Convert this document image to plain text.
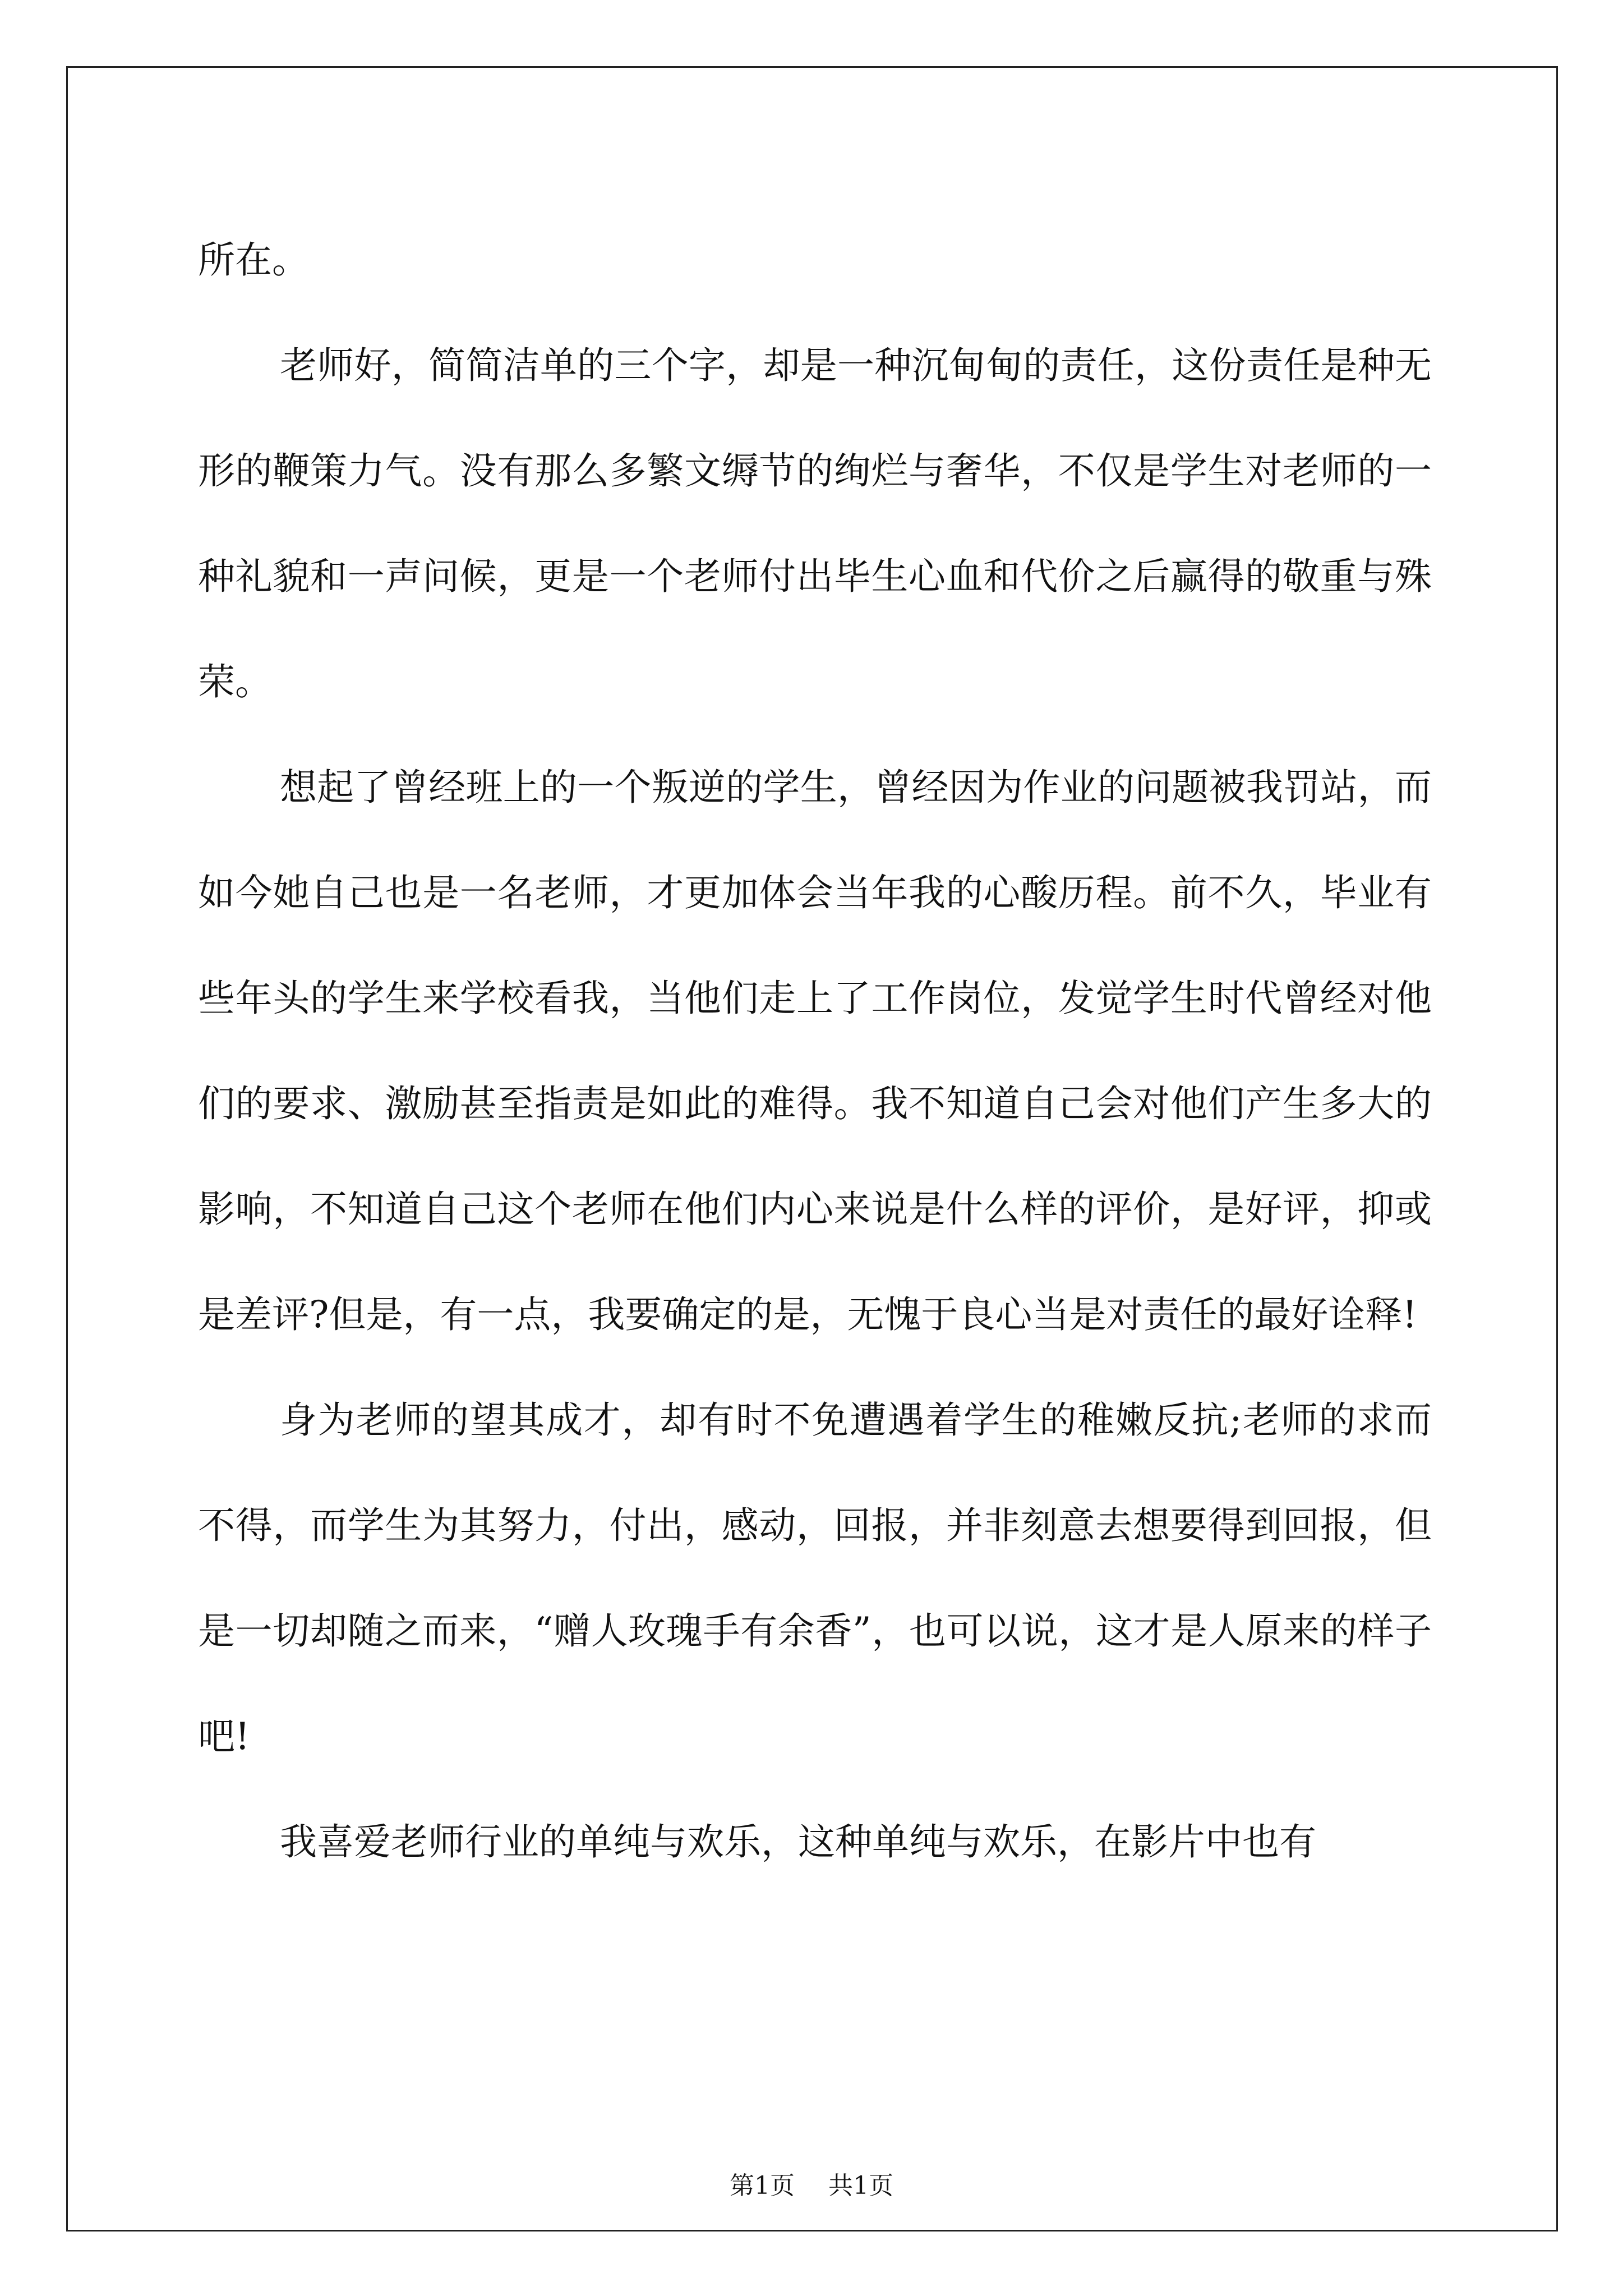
所在。

老师好，简简洁单的三个字，却是一种沉甸甸的责任，这份责任是种无形的鞭策力气。没有那么多繁文缛节的绚烂与奢华，不仅是学生对老师的一种礼貌和一声问候，更是一个老师付出毕生心血和代价之后赢得的敬重与殊荣。

想起了曾经班上的一个叛逆的学生，曾经因为作业的问题被我罚站，而如今她自己也是一名老师，才更加体会当年我的心酸历程。前不久，毕业有些年头的学生来学校看我，当他们走上了工作岗位，发觉学生时代曾经对他们的要求、激励甚至指责是如此的难得。我不知道自己会对他们产生多大的影响，不知道自己这个老师在他们内心来说是什么样的评价，是好评，抑或是差评?但是，有一点，我要确定的是，无愧于良心当是对责任的最好诠释!

身为老师的望其成才，却有时不免遭遇着学生的稚嫩反抗;老师的求而不得，而学生为其努力，付出，感动，回报，并非刻意去想要得到回报，但是一切却随之而来，“赠人玫瑰手有余香”，也可以说，这才是人原来的样子吧!

我喜爱老师行业的单纯与欢乐，这种单纯与欢乐，在影片中也有

第1页 共1页
